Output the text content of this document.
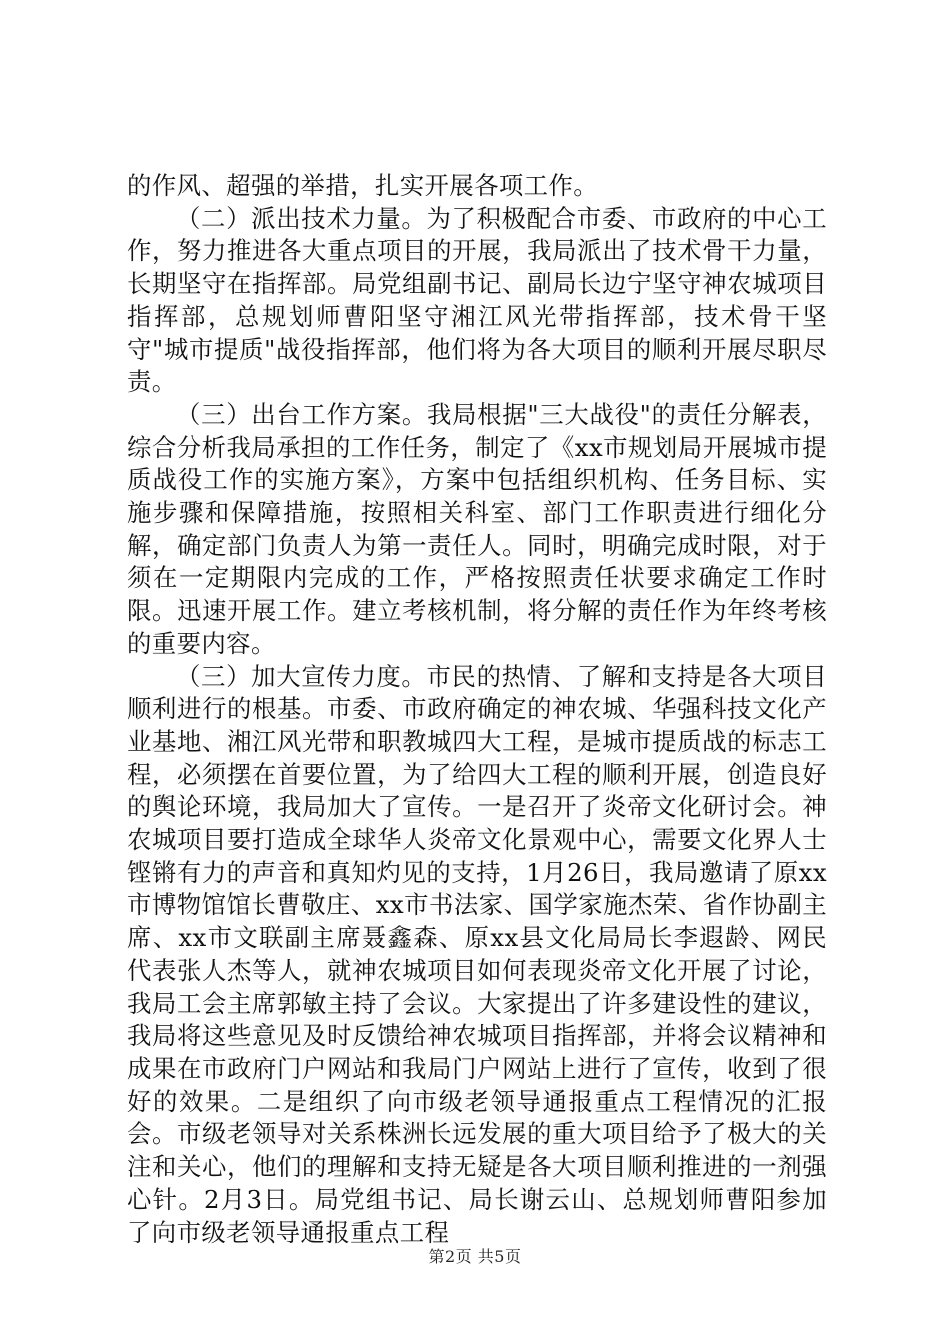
的作风、超强的举措，扎实开展各项工作。

（二）派出技术力量。为了积极配合市委、市政府的中心工作，努力推进各大重点项目的开展，我局派出了技术骨干力量，长期坚守在指挥部。局党组副书记、副局长边宁坚守神农城项目指挥部，总规划师曹阳坚守湘江风光带指挥部，技术骨干坚守"城市提质"战役指挥部，他们将为各大项目的顺利开展尽职尽责。

（三）出台工作方案。我局根据"三大战役"的责任分解表，综合分析我局承担的工作任务，制定了《xx市规划局开展城市提质战役工作的实施方案》，方案中包括组织机构、任务目标、实施步骤和保障措施，按照相关科室、部门工作职责进行细化分解，确定部门负责人为第一责任人。同时，明确完成时限，对于须在一定期限内完成的工作，严格按照责任状要求确定工作时限。迅速开展工作。建立考核机制，将分解的责任作为年终考核的重要内容。

（三）加大宣传力度。市民的热情、了解和支持是各大项目顺利进行的根基。市委、市政府确定的神农城、华强科技文化产业基地、湘江风光带和职教城四大工程，是城市提质战的标志工程，必须摆在首要位置，为了给四大工程的顺利开展，创造良好的舆论环境，我局加大了宣传。一是召开了炎帝文化研讨会。神农城项目要打造成全球华人炎帝文化景观中心，需要文化界人士铿锵有力的声音和真知灼见的支持，1月26日，我局邀请了原xx市博物馆馆长曹敬庄、xx市书法家、国学家施杰荣、省作协副主席、xx市文联副主席聂鑫森、原xx县文化局局长李遐龄、网民代表张人杰等人，就神农城项目如何表现炎帝文化开展了讨论，我局工会主席郭敏主持了会议。大家提出了许多建设性的建议，我局将这些意见及时反馈给神农城项目指挥部，并将会议精神和成果在市政府门户网站和我局门户网站上进行了宣传，收到了很好的效果。二是组织了向市级老领导通报重点工程情况的汇报会。市级老领导对关系株洲长远发展的重大项目给予了极大的关注和关心，他们的理解和支持无疑是各大项目顺利推进的一剂强心针。2月3日。局党组书记、局长谢云山、总规划师曹阳参加了向市级老领导通报重点工程

第2页 共5页
